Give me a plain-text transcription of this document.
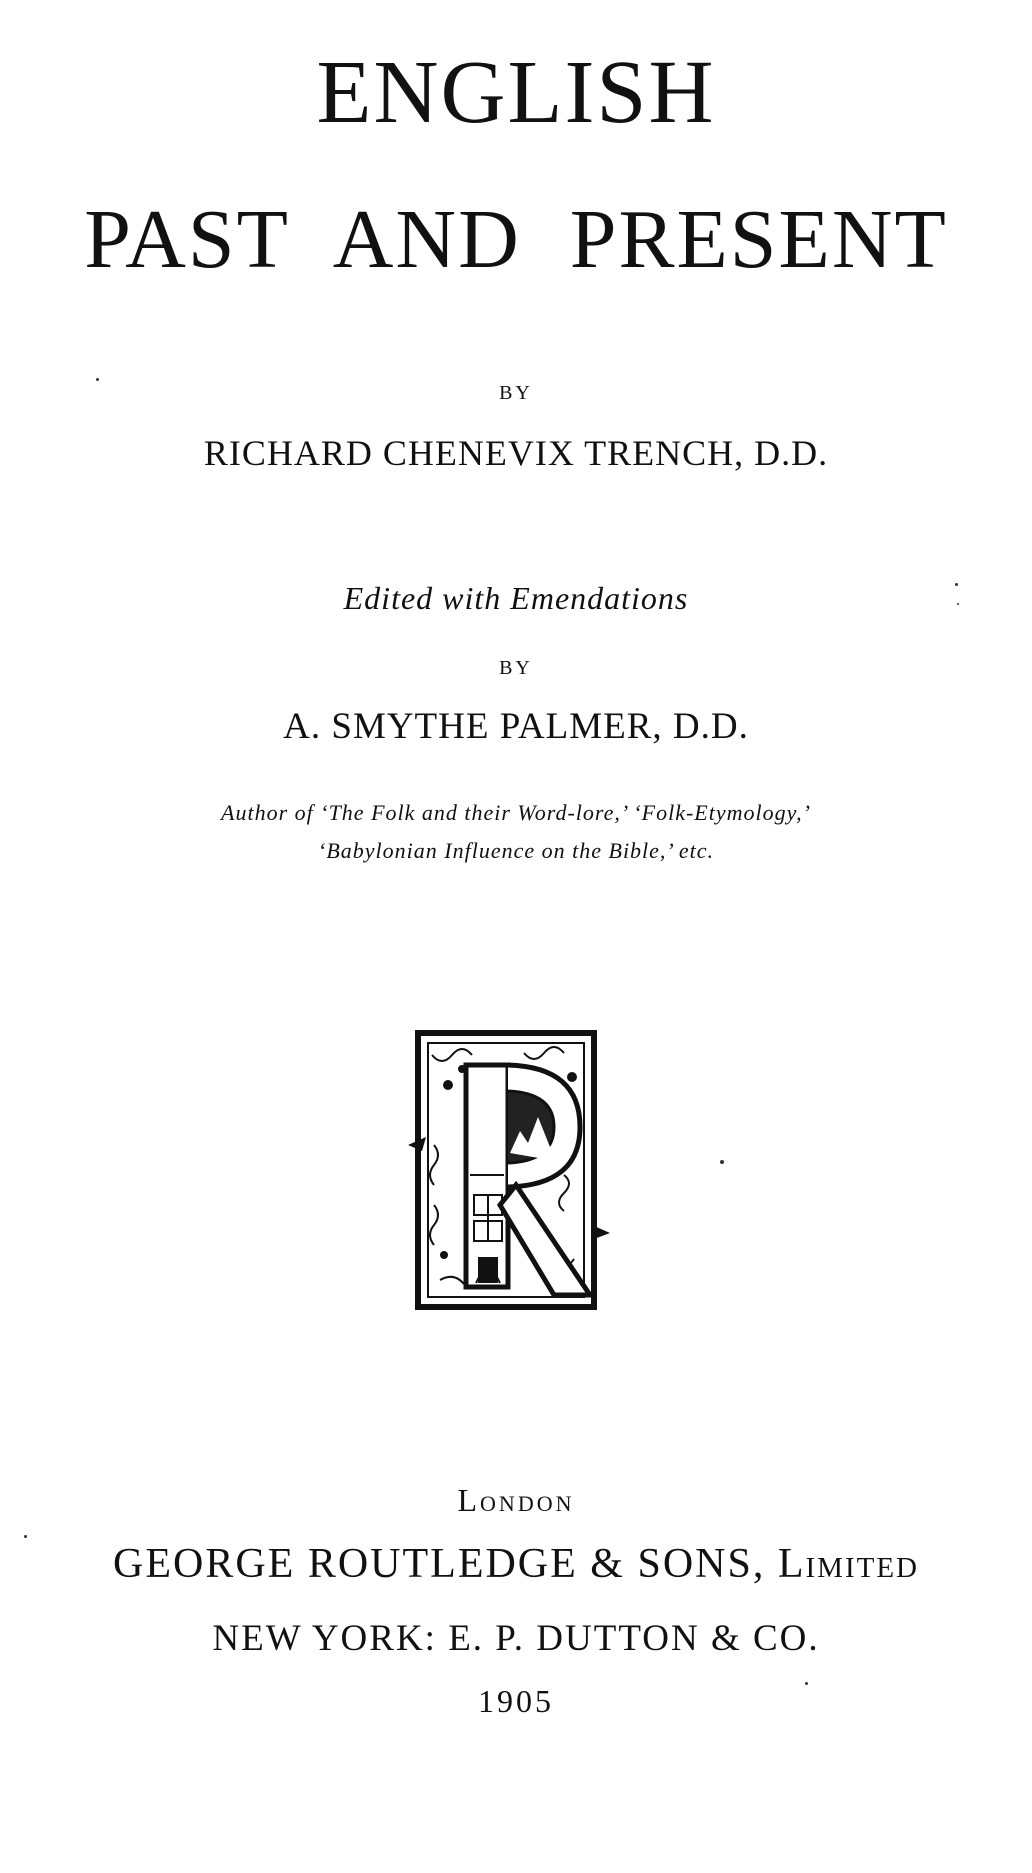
ENGLISH
PAST AND PRESENT
BY
RICHARD CHENEVIX TRENCH, D.D.
Edited with Emendations
BY
A. SMYTHE PALMER, D.D.
Author of ‘The Folk and their Word-lore,’ ‘Folk-Etymology,’
‘Babylonian Influence on the Bible,’ etc.
London
GEORGE ROUTLEDGE & SONS, Limited
NEW YORK: E. P. DUTTON & CO.
1905
